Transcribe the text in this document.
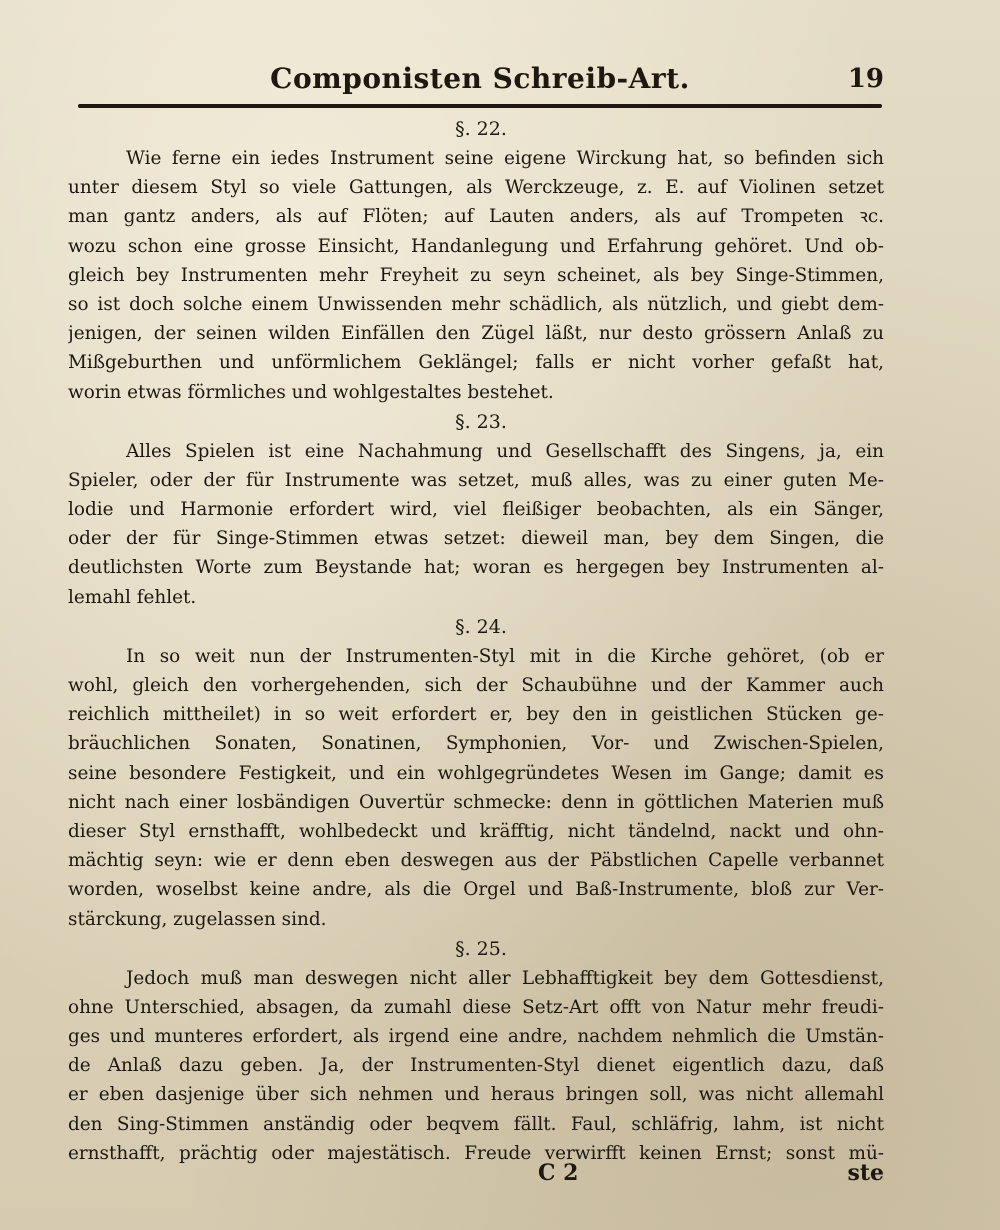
Componisten Schreib-Art.	19
§. 22.
Wie ferne ein iedes Instrument seine eigene Wirckung hat, so befinden sich
unter diesem Styl so viele Gattungen, als Werckzeuge, z. E. auf Violinen setzet
man gantz anders, als auf Flöten; auf Lauten anders, als auf Trompeten ꝛc.
wozu schon eine grosse Einsicht, Handanlegung und Erfahrung gehöret. Und ob-
gleich bey Instrumenten mehr Freyheit zu seyn scheinet, als bey Singe-Stimmen,
so ist doch solche einem Unwissenden mehr schädlich, als nützlich, und giebt dem-
jenigen, der seinen wilden Einfällen den Zügel läßt, nur desto grössern Anlaß zu
Mißgeburthen und unförmlichem Geklängel; falls er nicht vorher gefaßt hat,
worin etwas förmliches und wohlgestaltes bestehet.
§. 23.
Alles Spielen ist eine Nachahmung und Gesellschafft des Singens, ja, ein
Spieler, oder der für Instrumente was setzet, muß alles, was zu einer guten Me-
lodie und Harmonie erfordert wird, viel fleißiger beobachten, als ein Sänger,
oder der für Singe-Stimmen etwas setzet: dieweil man, bey dem Singen, die
deutlichsten Worte zum Beystande hat; woran es hergegen bey Instrumenten al-
lemahl fehlet.
§. 24.
In so weit nun der Instrumenten-Styl mit in die Kirche gehöret, (ob er
wohl, gleich den vorhergehenden, sich der Schaubühne und der Kammer auch
reichlich mittheilet) in so weit erfordert er, bey den in geistlichen Stücken ge-
bräuchlichen Sonaten, Sonatinen, Symphonien, Vor- und Zwischen-Spielen,
seine besondere Festigkeit, und ein wohlgegründetes Wesen im Gange; damit es
nicht nach einer losbändigen Ouvertür schmecke: denn in göttlichen Materien muß
dieser Styl ernsthafft, wohlbedeckt und kräfftig, nicht tändelnd, nackt und ohn-
mächtig seyn: wie er denn eben deswegen aus der Päbstlichen Capelle verbannet
worden, woselbst keine andre, als die Orgel und Baß-Instrumente, bloß zur Ver-
stärckung, zugelassen sind.
§. 25.
Jedoch muß man deswegen nicht aller Lebhafftigkeit bey dem Gottesdienst,
ohne Unterschied, absagen, da zumahl diese Setz-Art offt von Natur mehr freudi-
ges und munteres erfordert, als irgend eine andre, nachdem nehmlich die Umstän-
de Anlaß dazu geben. Ja, der Instrumenten-Styl dienet eigentlich dazu, daß
er eben dasjenige über sich nehmen und heraus bringen soll, was nicht allemahl
den Sing-Stimmen anständig oder beqvem fällt. Faul, schläfrig, lahm, ist nicht
ernsthafft, prächtig oder majestätisch. Freude verwirfft keinen Ernst; sonst mü-
C 2	ste
